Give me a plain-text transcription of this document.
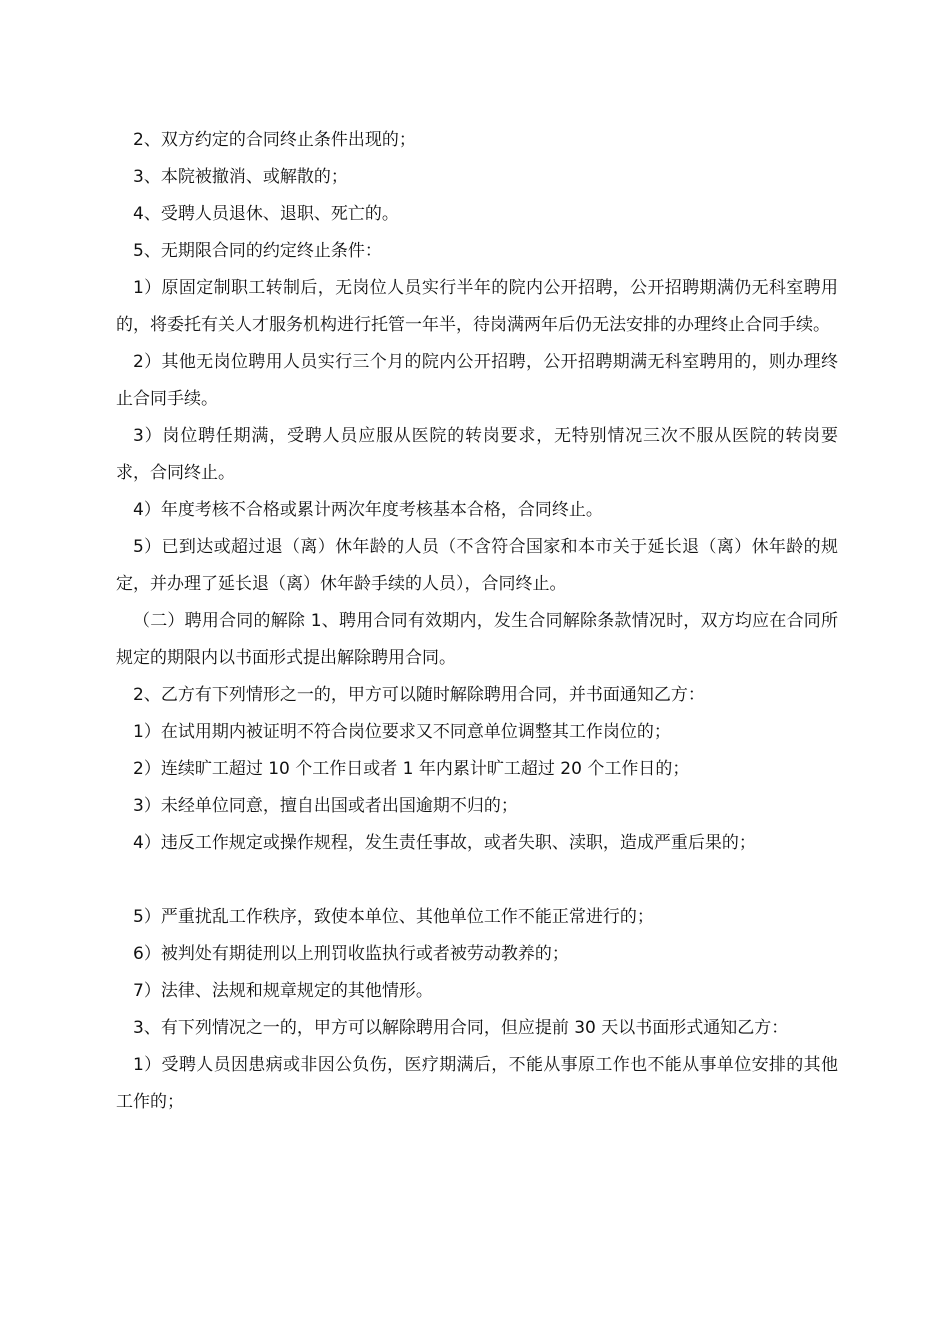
2、双方约定的合同终止条件出现的；

3、本院被撤消、或解散的；

4、受聘人员退休、退职、死亡的。

5、无期限合同的约定终止条件：

1）原固定制职工转制后，无岗位人员实行半年的院内公开招聘，公开招聘期满仍无科室聘用的，将委托有关人才服务机构进行托管一年半，待岗满两年后仍无法安排的办理终止合同手续。

2）其他无岗位聘用人员实行三个月的院内公开招聘，公开招聘期满无科室聘用的，则办理终止合同手续。

3）岗位聘任期满，受聘人员应服从医院的转岗要求，无特别情况三次不服从医院的转岗要求，合同终止。

4）年度考核不合格或累计两次年度考核基本合格，合同终止。

5）已到达或超过退（离）休年龄的人员（不含符合国家和本市关于延长退（离）休年龄的规定，并办理了延长退（离）休年龄手续的人员），合同终止。

（二）聘用合同的解除 1、聘用合同有效期内，发生合同解除条款情况时，双方均应在合同所规定的期限内以书面形式提出解除聘用合同。

2、乙方有下列情形之一的，甲方可以随时解除聘用合同，并书面通知乙方：

1）在试用期内被证明不符合岗位要求又不同意单位调整其工作岗位的；

2）连续旷工超过 10 个工作日或者 1 年内累计旷工超过 20 个工作日的；

3）未经单位同意，擅自出国或者出国逾期不归的；

4）违反工作规定或操作规程，发生责任事故，或者失职、渎职，造成严重后果的；

5）严重扰乱工作秩序，致使本单位、其他单位工作不能正常进行的；

6）被判处有期徒刑以上刑罚收监执行或者被劳动教养的；

7）法律、法规和规章规定的其他情形。

3、有下列情况之一的，甲方可以解除聘用合同，但应提前 30 天以书面形式通知乙方：

1）受聘人员因患病或非因公负伤，医疗期满后，不能从事原工作也不能从事单位安排的其他工作的；
